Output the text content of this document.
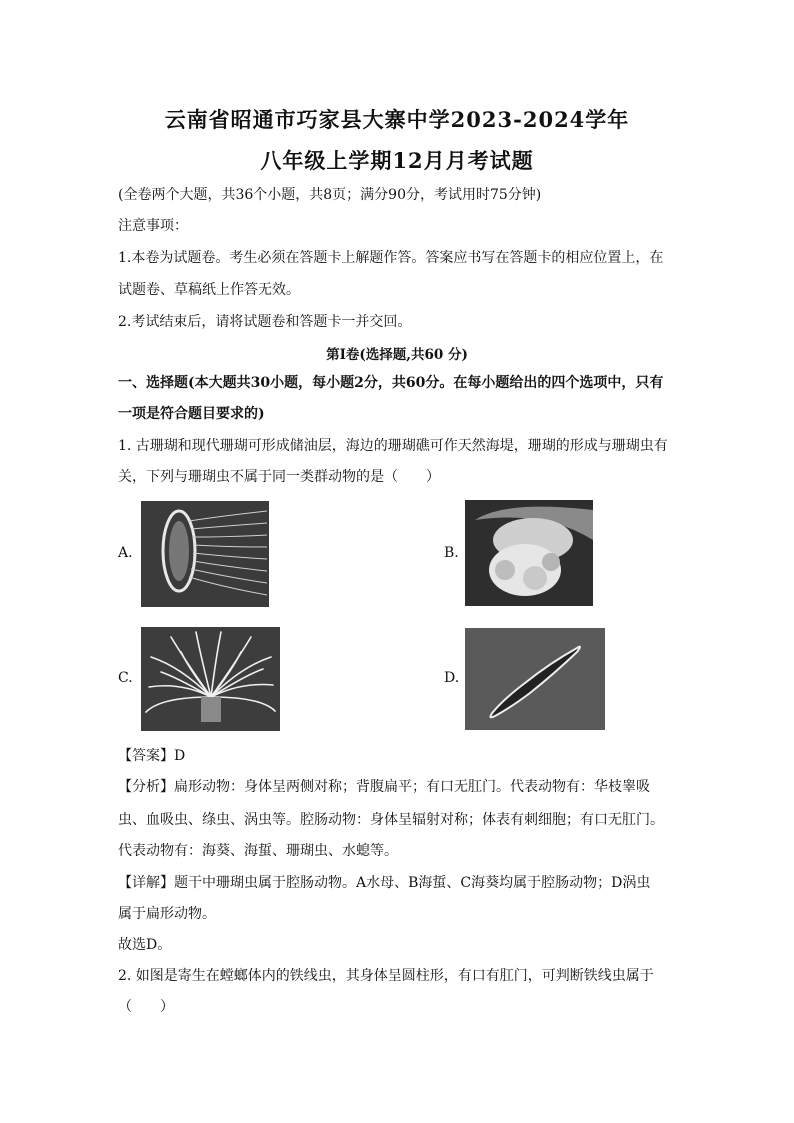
云南省昭通市巧家县大寨中学2023-2024学年
八年级上学期12月月考试题
(全卷两个大题，共36个小题，共8页；满分90分，考试用时75分钟)
注意事项：
1.本卷为试题卷。考生必须在答题卡上解题作答。答案应书写在答题卡的相应位置上，在
试题卷、草稿纸上作答无效。
2.考试结束后，请将试题卷和答题卡一并交回。
第Ⅰ卷(选择题,共60 分)
一、选择题(本大题共30小题，每小题2分，共60分。在每小题给出的四个选项中，只有
一项是符合题目要求的)
1. 古珊瑚和现代珊瑚可形成储油层，海边的珊瑚礁可作天然海堤，珊瑚的形成与珊瑚虫有
关，下列与珊瑚虫不属于同一类群动物的是（　　）
A.	B.
C.	D.
【答案】D
【分析】扁形动物：身体呈两侧对称；背腹扁平；有口无肛门。代表动物有：华枝睾吸
虫、血吸虫、绦虫、涡虫等。腔肠动物：身体呈辐射对称；体表有刺细胞；有口无肛门。
代表动物有：海葵、海蜇、珊瑚虫、水螅等。
【详解】题干中珊瑚虫属于腔肠动物。A水母、B海蜇、C海葵均属于腔肠动物；D涡虫
属于扁形动物。
故选D。
2. 如图是寄生在螳螂体内的铁线虫，其身体呈圆柱形，有口有肛门，可判断铁线虫属于
（　　）
